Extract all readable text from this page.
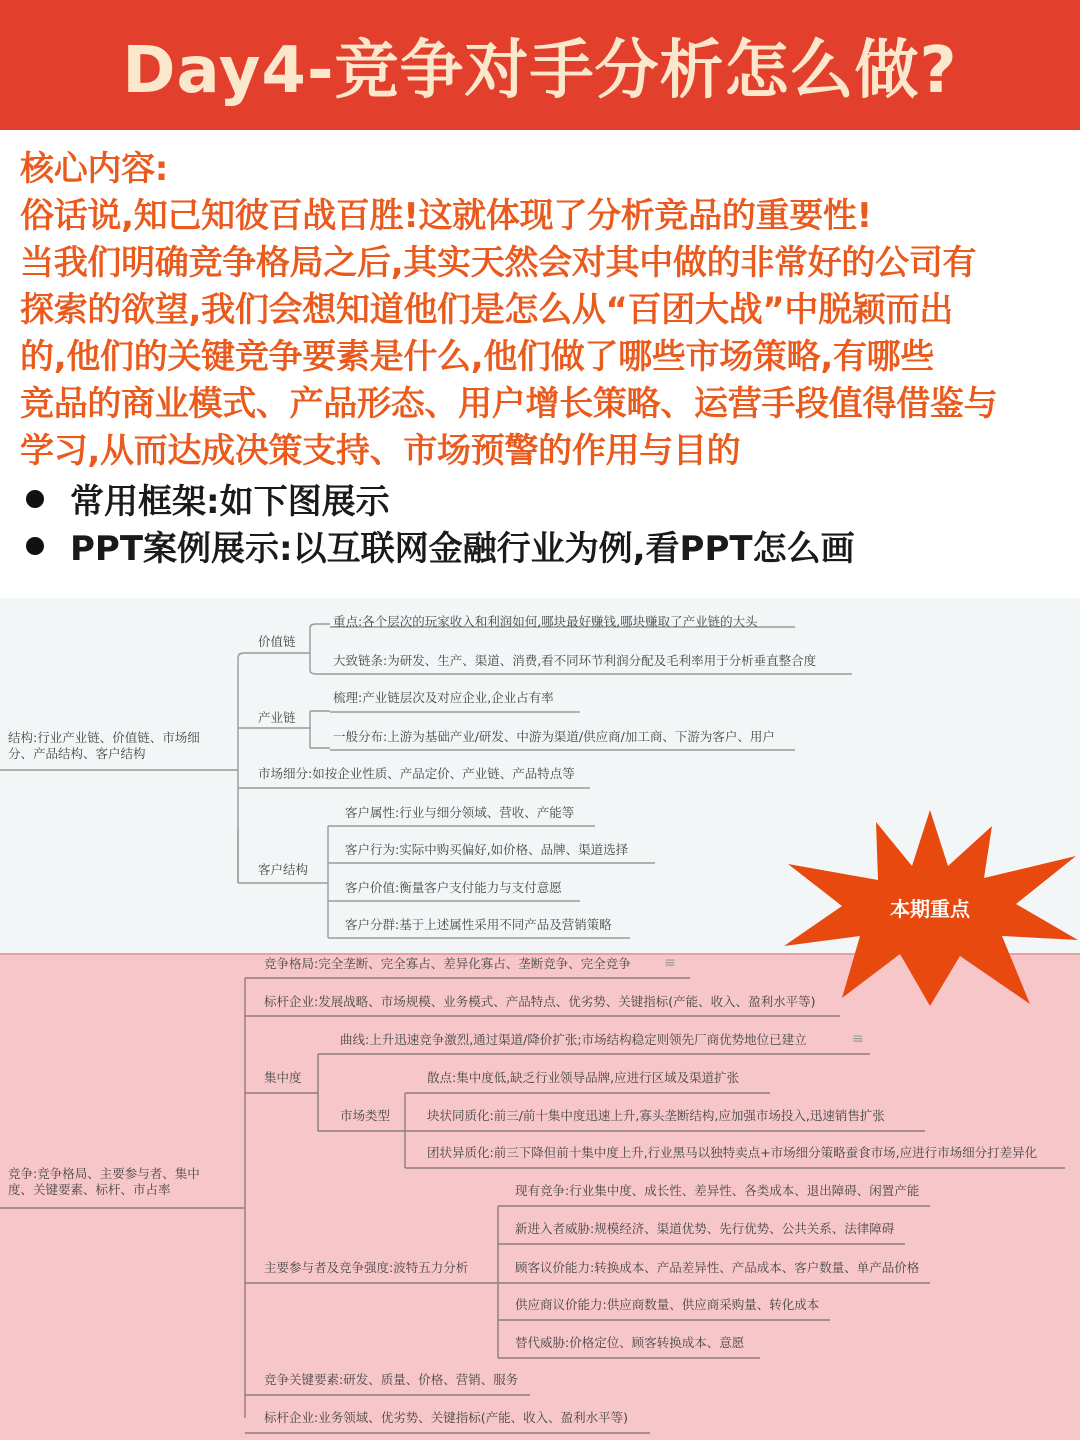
Day4-竞争对手分析怎么做?
核心内容:
俗话说,知己知彼百战百胜!这就体现了分析竞品的重要性!
当我们明确竞争格局之后,其实天然会对其中做的非常好的公司有
探索的欲望,我们会想知道他们是怎么从“百团大战”中脱颖而出
的,他们的关键竞争要素是什么,他们做了哪些市场策略,有哪些
竞品的商业模式、产品形态、用户增长策略、运营手段值得借鉴与
学习,从而达成决策支持、市场预警的作用与目的
常用框架:如下图展示
PPT案例展示:以互联网金融行业为例,看PPT怎么画
结构:行业产业链、价值链、市场细分、产品结构、客户结构
价值链
重点:各个层次的玩家收入和利润如何,哪块最好赚钱,哪块赚取了产业链的大头
大致链条:为研发、生产、渠道、消费,看不同环节利润分配及毛利率用于分析垂直整合度
产业链
梳理:产业链层次及对应企业,企业占有率
一般分布:上游为基础产业/研发、中游为渠道/供应商/加工商、下游为客户、用户
市场细分:如按企业性质、产品定价、产业链、产品特点等
客户结构
客户属性:行业与细分领域、营收、产能等
客户行为:实际中购买偏好,如价格、品牌、渠道选择
客户价值:衡量客户支付能力与支付意愿
客户分群:基于上述属性采用不同产品及营销策略
竞争:竞争格局、主要参与者、集中度、关键要素、标杆、市占率
竞争格局:完全垄断、完全寡占、差异化寡占、垄断竞争、完全竞争 ≡
标杆企业:发展战略、市场规模、业务模式、产品特点、优劣势、关键指标(产能、收入、盈利水平等)
集中度
曲线:上升迅速竞争激烈,通过渠道/降价扩张;市场结构稳定则领先厂商优势地位已建立	≡
市场类型
散点:集中度低,缺乏行业领导品牌,应进行区域及渠道扩张
块状同质化:前三/前十集中度迅速上升,寡头垄断结构,应加强市场投入,迅速销售扩张
团状异质化:前三下降但前十集中度上升,行业黑马以独特卖点+市场细分策略蚕食市场,应进行市场细分打差异化
主要参与者及竞争强度:波特五力分析
现有竞争:行业集中度、成长性、差异性、各类成本、退出障碍、闲置产能
新进入者威胁:规模经济、渠道优势、先行优势、公共关系、法律障碍
顾客议价能力:转换成本、产品差异性、产品成本、客户数量、单产品价格
供应商议价能力:供应商数量、供应商采购量、转化成本
替代威胁:价格定位、顾客转换成本、意愿
竞争关键要素:研发、质量、价格、营销、服务
标杆企业:业务领域、优劣势、关键指标(产能、收入、盈利水平等)
本期重点
